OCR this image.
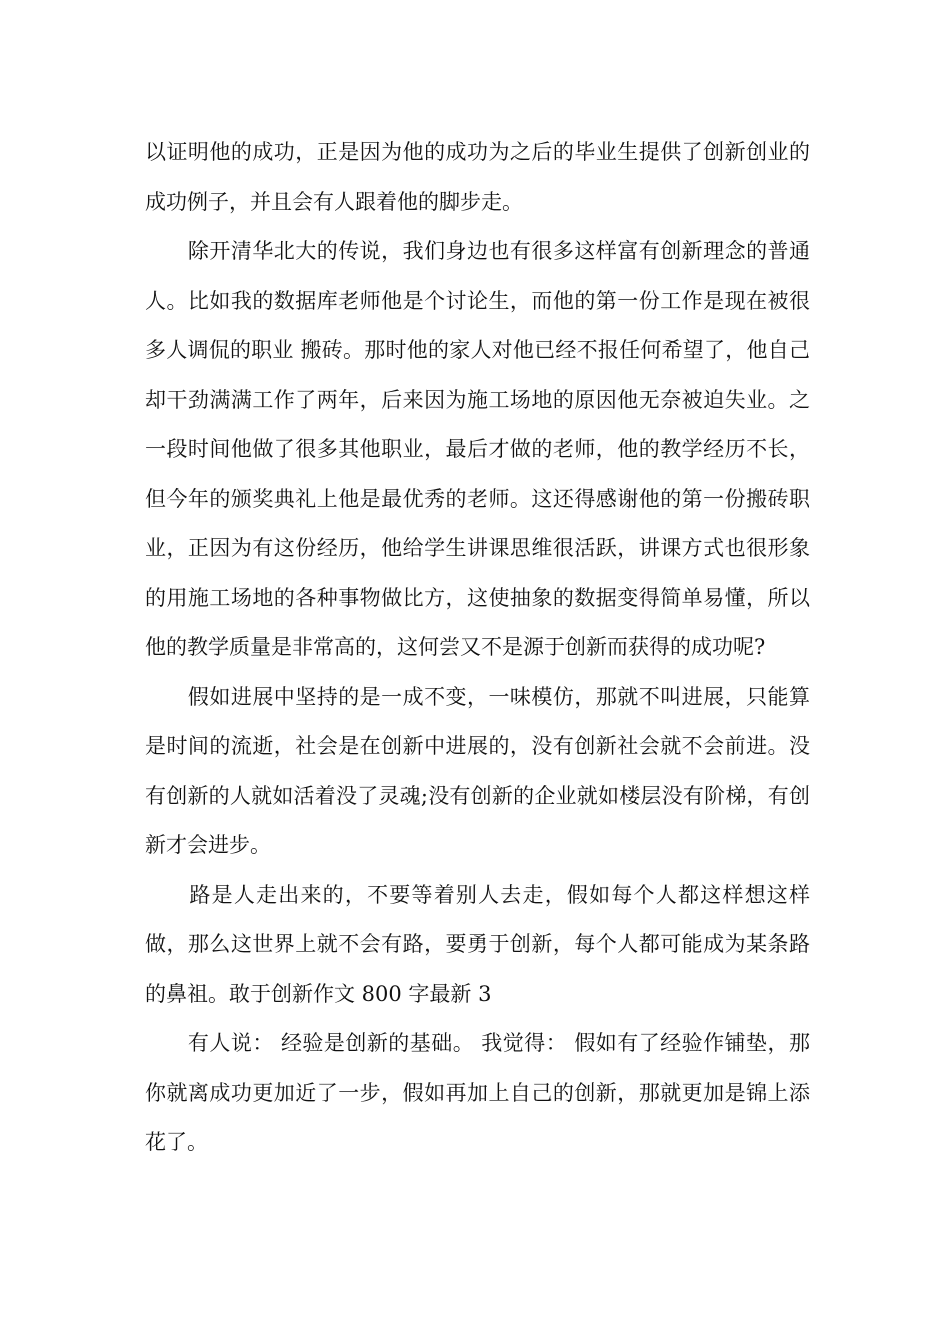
以证明他的成功，正是因为他的成功为之后的毕业生提供了创新创业的成功例子，并且会有人跟着他的脚步走。

　　除开清华北大的传说，我们身边也有很多这样富有创新理念的普通人。比如我的数据库老师他是个讨论生，而他的第一份工作是现在被很多人调侃的职业 搬砖。那时他的家人对他已经不报任何希望了，他自己却干劲满满工作了两年，后来因为施工场地的原因他无奈被迫失业。之一段时间他做了很多其他职业，最后才做的老师，他的教学经历不长，但今年的颁奖典礼上他是最优秀的老师。这还得感谢他的第一份搬砖职业，正因为有这份经历，他给学生讲课思维很活跃，讲课方式也很形象的用施工场地的各种事物做比方，这使抽象的数据变得简单易懂，所以他的教学质量是非常高的，这何尝又不是源于创新而获得的成功呢?

　　假如进展中坚持的是一成不变，一味模仿，那就不叫进展，只能算是时间的流逝，社会是在创新中进展的，没有创新社会就不会前进。没有创新的人就如活着没了灵魂;没有创新的企业就如楼层没有阶梯，有创新才会进步。

　　路是人走出来的，不要等着别人去走，假如每个人都这样想这样做，那么这世界上就不会有路，要勇于创新，每个人都可能成为某条路的鼻祖。敢于创新作文 800 字最新 3

　　有人说： 经验是创新的基础。 我觉得： 假如有了经验作铺垫，那你就离成功更加近了一步，假如再加上自己的创新，那就更加是锦上添花了。
